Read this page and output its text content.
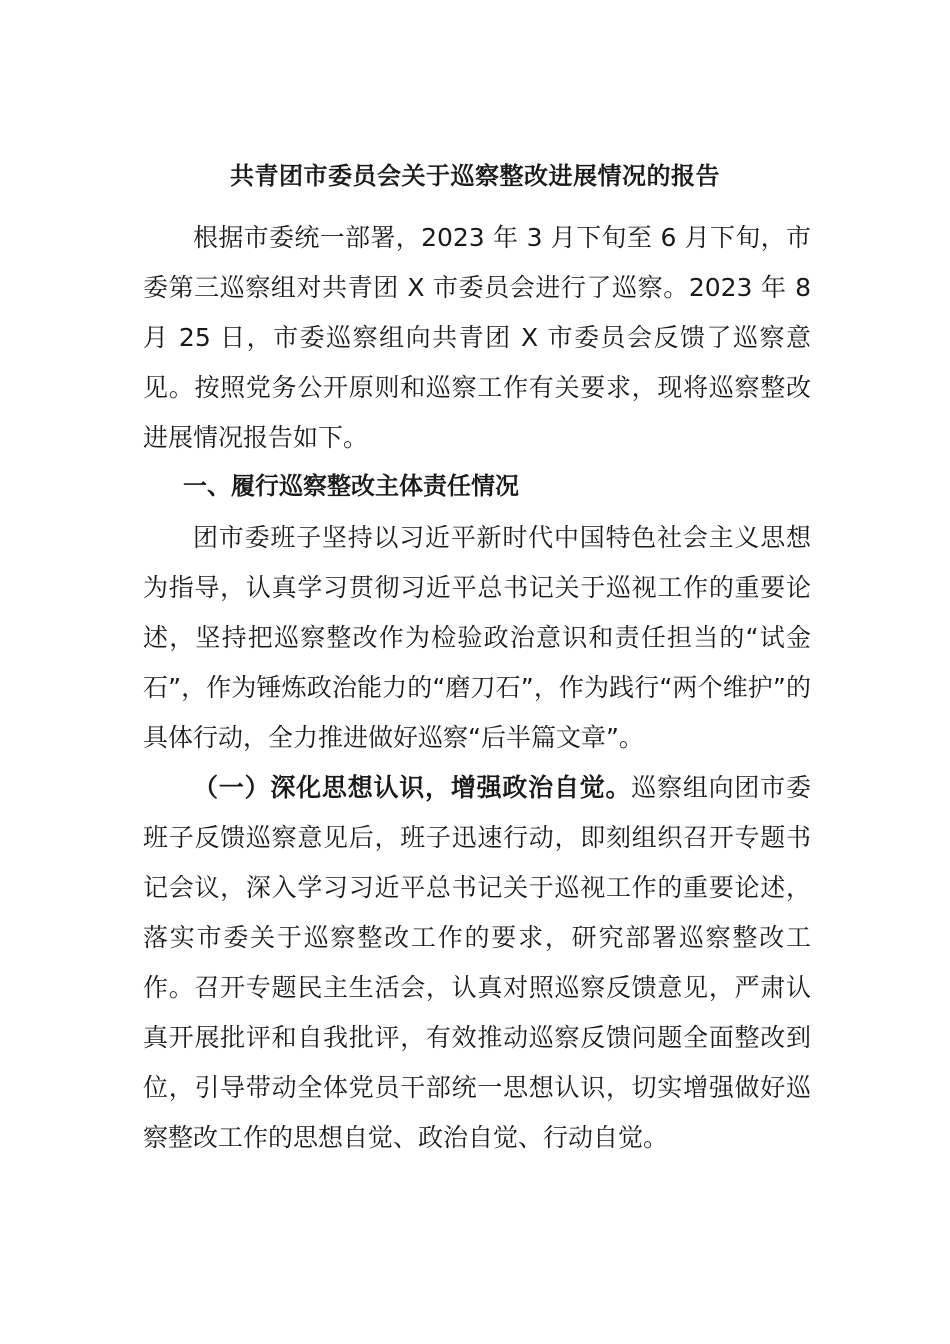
共青团市委员会关于巡察整改进展情况的报告

根据市委统一部署，2023 年 3 月下旬至 6 月下旬，市委第三巡察组对共青团 X 市委员会进行了巡察。2023 年 8 月 25 日，市委巡察组向共青团 X 市委员会反馈了巡察意见。按照党务公开原则和巡察工作有关要求，现将巡察整改进展情况报告如下。

一、履行巡察整改主体责任情况

团市委班子坚持以习近平新时代中国特色社会主义思想为指导，认真学习贯彻习近平总书记关于巡视工作的重要论述，坚持把巡察整改作为检验政治意识和责任担当的“试金石”，作为锤炼政治能力的“磨刀石”，作为践行“两个维护”的具体行动，全力推进做好巡察“后半篇文章”。

（一）深化思想认识，增强政治自觉。巡察组向团市委班子反馈巡察意见后，班子迅速行动，即刻组织召开专题书记会议，深入学习习近平总书记关于巡视工作的重要论述，落实市委关于巡察整改工作的要求，研究部署巡察整改工作。召开专题民主生活会，认真对照巡察反馈意见，严肃认真开展批评和自我批评，有效推动巡察反馈问题全面整改到位，引导带动全体党员干部统一思想认识，切实增强做好巡察整改工作的思想自觉、政治自觉、行动自觉。
